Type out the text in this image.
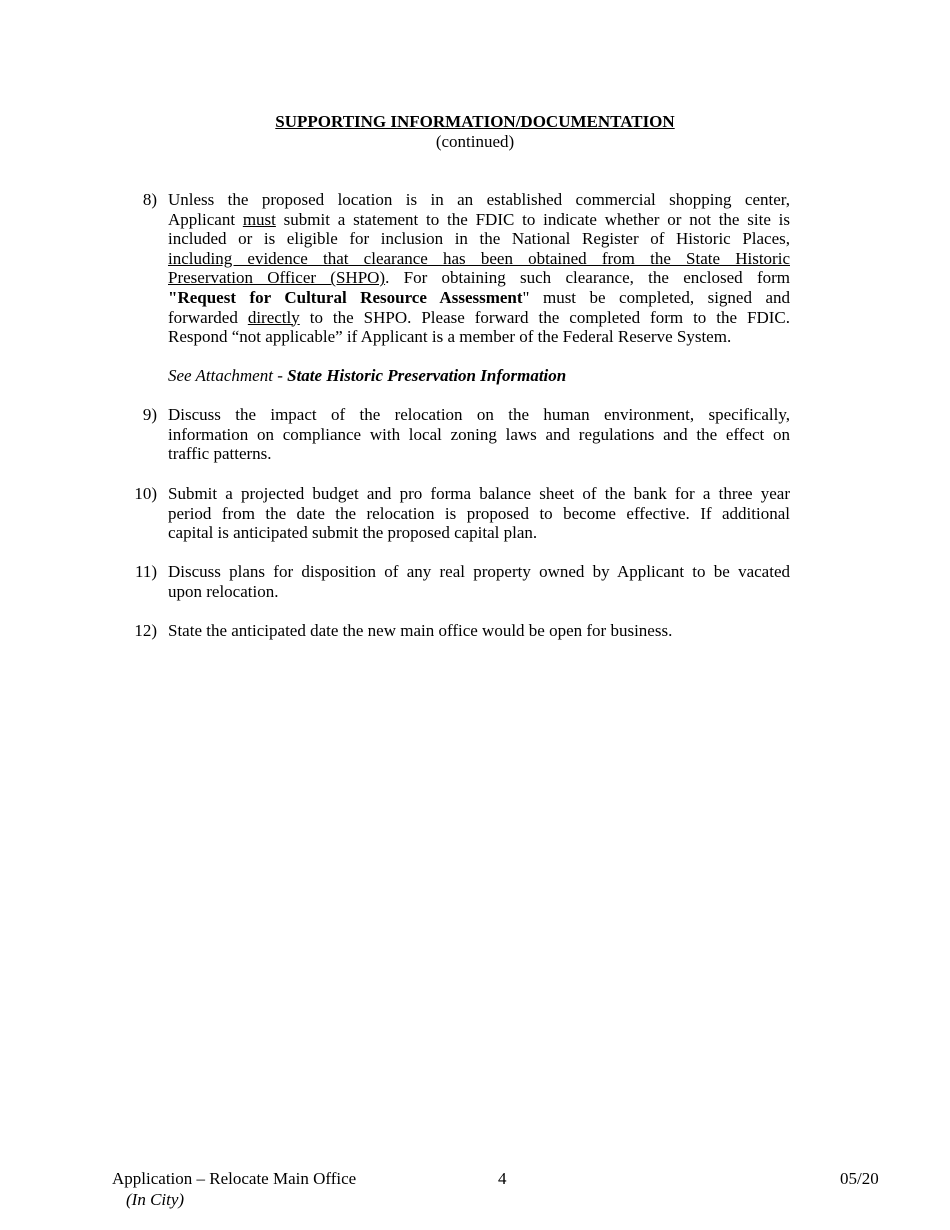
SUPPORTING INFORMATION/DOCUMENTATION
(continued)
8) Unless the proposed location is in an established commercial shopping center,
Applicant must submit a statement to the FDIC to indicate whether or not the site is
included or is eligible for inclusion in the National Register of Historic Places,
including evidence that clearance has been obtained from the State Historic
Preservation Officer (SHPO). For obtaining such clearance, the enclosed form
"Request for Cultural Resource Assessment" must be completed, signed and
forwarded directly to the SHPO. Please forward the completed form to the FDIC.
Respond “not applicable” if Applicant is a member of the Federal Reserve System.
See Attachment - State Historic Preservation Information
9) Discuss the impact of the relocation on the human environment, specifically,
information on compliance with local zoning laws and regulations and the effect on
traffic patterns.
10) Submit a projected budget and pro forma balance sheet of the bank for a three year
period from the date the relocation is proposed to become effective. If additional
capital is anticipated submit the proposed capital plan.
11) Discuss plans for disposition of any real property owned by Applicant to be vacated
upon relocation.
12) State the anticipated date the new main office would be open for business.
Application – Relocate Main Office
(In City)
4	05/20
